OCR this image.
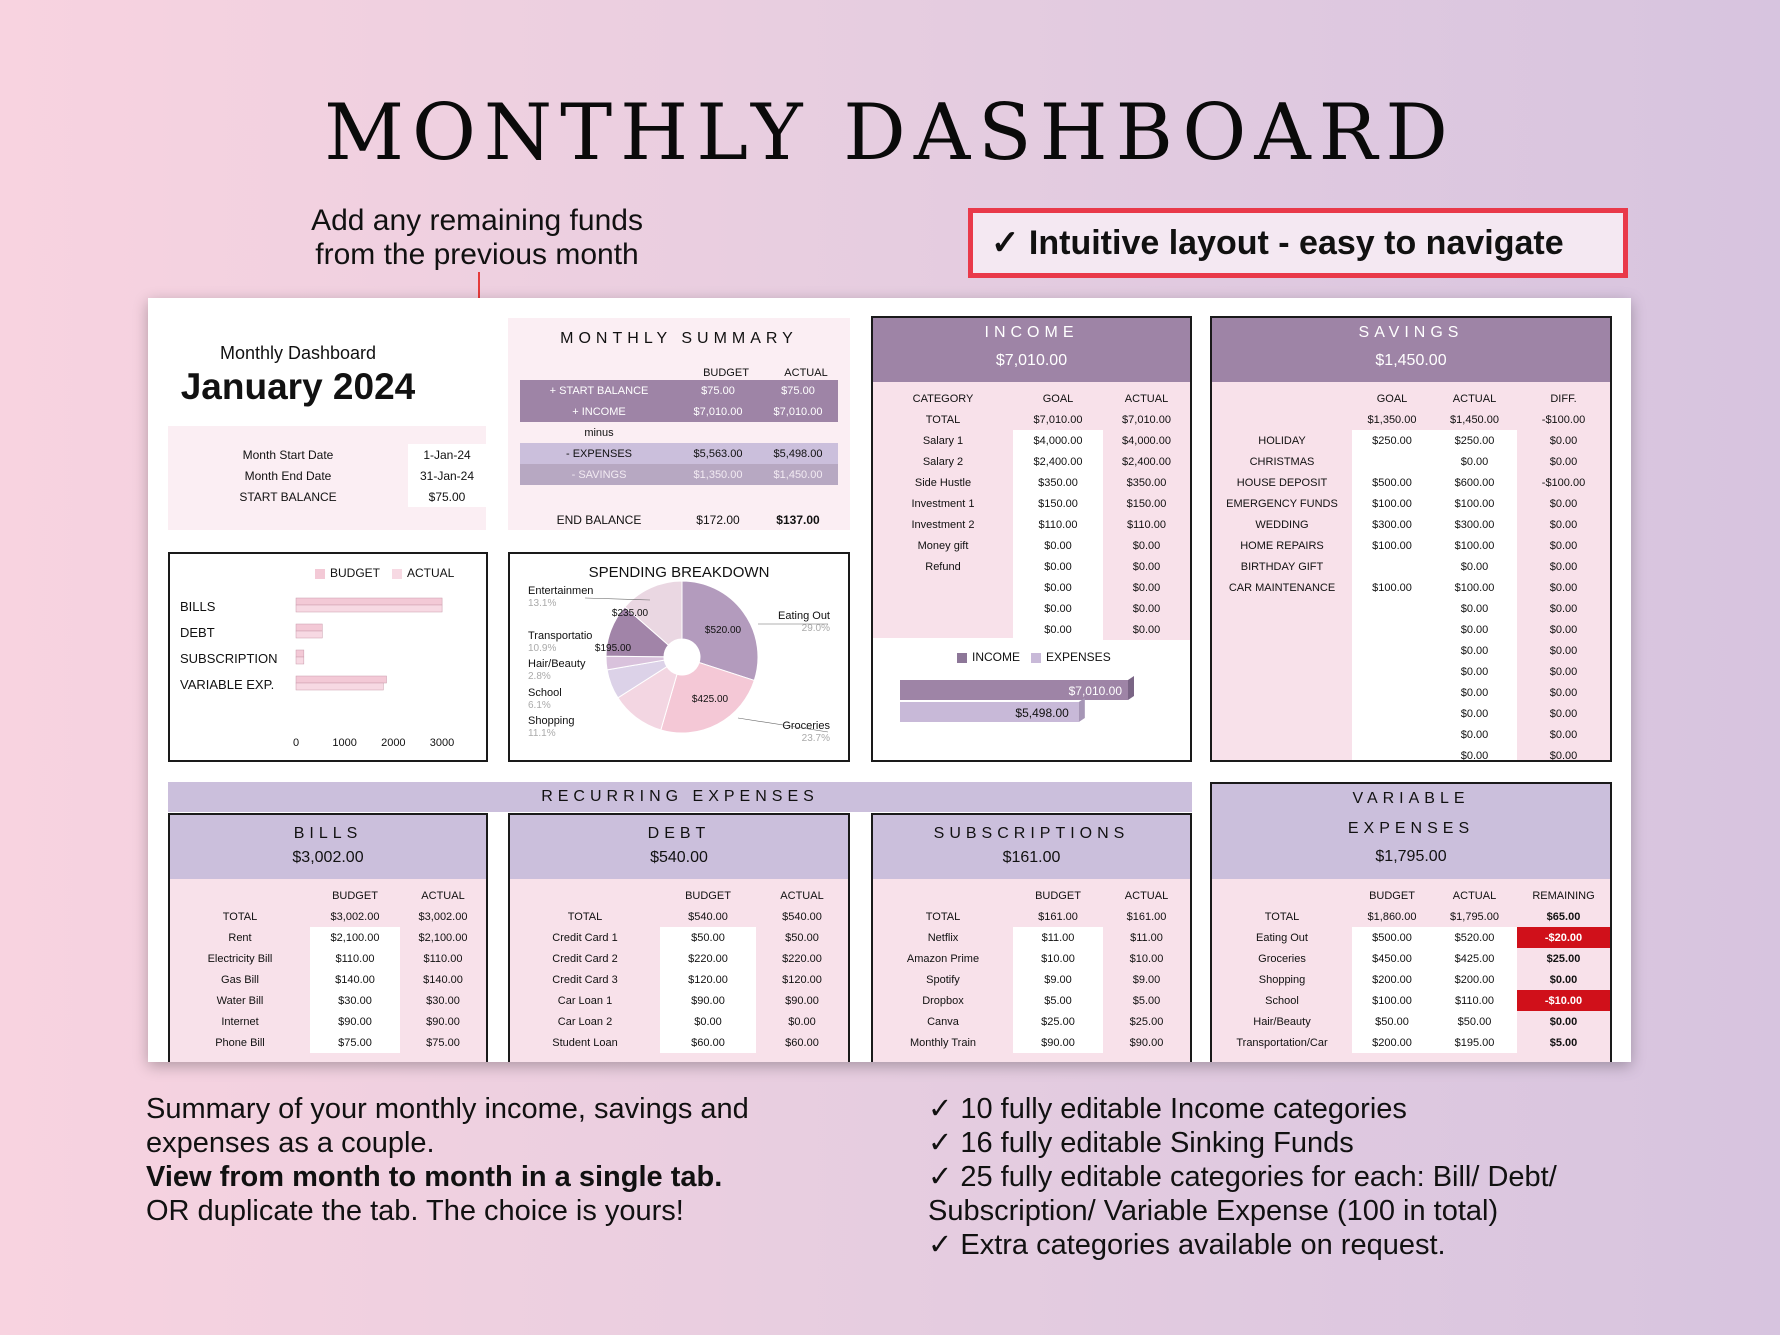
MONTHLY DASHBOARD
Add any remaining funds from the previous month	✓ Intuitive layout - easy to navigate
Monthly Dashboard
January 2024
Month Start Date	1-Jan-24
Month End Date	31-Jan-24
START BALANCE	$75.00
MONTHLY SUMMARY
BUDGET	ACTUAL
+ START BALANCE	$75.00	$75.00
+ INCOME	$7,010.00	$7,010.00
minus		
- EXPENSES	$5,563.00	$5,498.00
- SAVINGS	$1,350.00	$1,450.00
END BALANCE	$172.00	$137.00
BUDGET ACTUAL
BILLS
DEBT
SUBSCRIPTION
VARIABLE EXP.
0	1000 2000 3000
SPENDING BREAKDOWN
$520.00
$425.00
$235.00
$195.00
Entertainmen
13.1%
Transportatio
10.9%
Hair/Beauty
2.8%
School
6.1%
Shopping
11.1%
Eating Out
29.0%
Groceries
23.7%
INCOME
$7,010.00
CATEGORY	GOAL	ACTUAL
TOTAL	$7,010.00	$7,010.00
Salary 1	$4,000.00	$4,000.00
Salary 2	$2,400.00	$2,400.00
Side Hustle	$350.00	$350.00
Investment 1	$150.00	$150.00
Investment 2	$110.00	$110.00
Money gift	$0.00	$0.00
Refund	$0.00	$0.00
	$0.00	$0.00
	$0.00	$0.00
	$0.00	$0.00
INCOME EXPENSES
$7,010.00
$5,498.00
SAVINGS
$1,450.00
	GOAL	ACTUAL	DIFF.
	$1,350.00	$1,450.00	-$100.00
HOLIDAY	$250.00	$250.00	$0.00
CHRISTMAS		$0.00	$0.00
HOUSE DEPOSIT	$500.00	$600.00	-$100.00
EMERGENCY FUNDS	$100.00	$100.00	$0.00
WEDDING	$300.00	$300.00	$0.00
HOME REPAIRS	$100.00	$100.00	$0.00
BIRTHDAY GIFT		$0.00	$0.00
CAR MAINTENANCE	$100.00	$100.00	$0.00
		$0.00	$0.00
		$0.00	$0.00
		$0.00	$0.00
		$0.00	$0.00
		$0.00	$0.00
		$0.00	$0.00
		$0.00	$0.00
		$0.00	$0.00
RECURRING EXPENSES
BILLS
$3,002.00
	BUDGET	ACTUAL
TOTAL	$3,002.00	$3,002.00
Rent	$2,100.00	$2,100.00
Electricity Bill	$110.00	$110.00
Gas Bill	$140.00	$140.00
Water Bill	$30.00	$30.00
Internet	$90.00	$90.00
Phone Bill	$75.00	$75.00
DEBT
$540.00
	BUDGET	ACTUAL
TOTAL	$540.00	$540.00
Credit Card 1	$50.00	$50.00
Credit Card 2	$220.00	$220.00
Credit Card 3	$120.00	$120.00
Car Loan 1	$90.00	$90.00
Car Loan 2	$0.00	$0.00
Student Loan	$60.00	$60.00
SUBSCRIPTIONS
$161.00
	BUDGET	ACTUAL
TOTAL	$161.00	$161.00
Netflix	$11.00	$11.00
Amazon Prime	$10.00	$10.00
Spotify	$9.00	$9.00
Dropbox	$5.00	$5.00
Canva	$25.00	$25.00
Monthly Train	$90.00	$90.00
VARIABLE
EXPENSES
$1,795.00
	BUDGET	ACTUAL	REMAINING
TOTAL	$1,860.00	$1,795.00	$65.00
Eating Out	$500.00	$520.00	-$20.00
Groceries	$450.00	$425.00	$25.00
Shopping	$200.00	$200.00	$0.00
School	$100.00	$110.00	-$10.00
Hair/Beauty	$50.00	$50.00	$0.00
Transportation/Car	$200.00	$195.00	$5.00
Summary of your monthly income, savings and
expenses as a couple.
View from month to month in a single tab.
OR duplicate the tab. The choice is yours!
✓ 10 fully editable Income categories
✓ 16 fully editable Sinking Funds
✓ 25 fully editable categories for each: Bill/ Debt/
Subscription/ Variable Expense (100 in total)
✓ Extra categories available on request.
